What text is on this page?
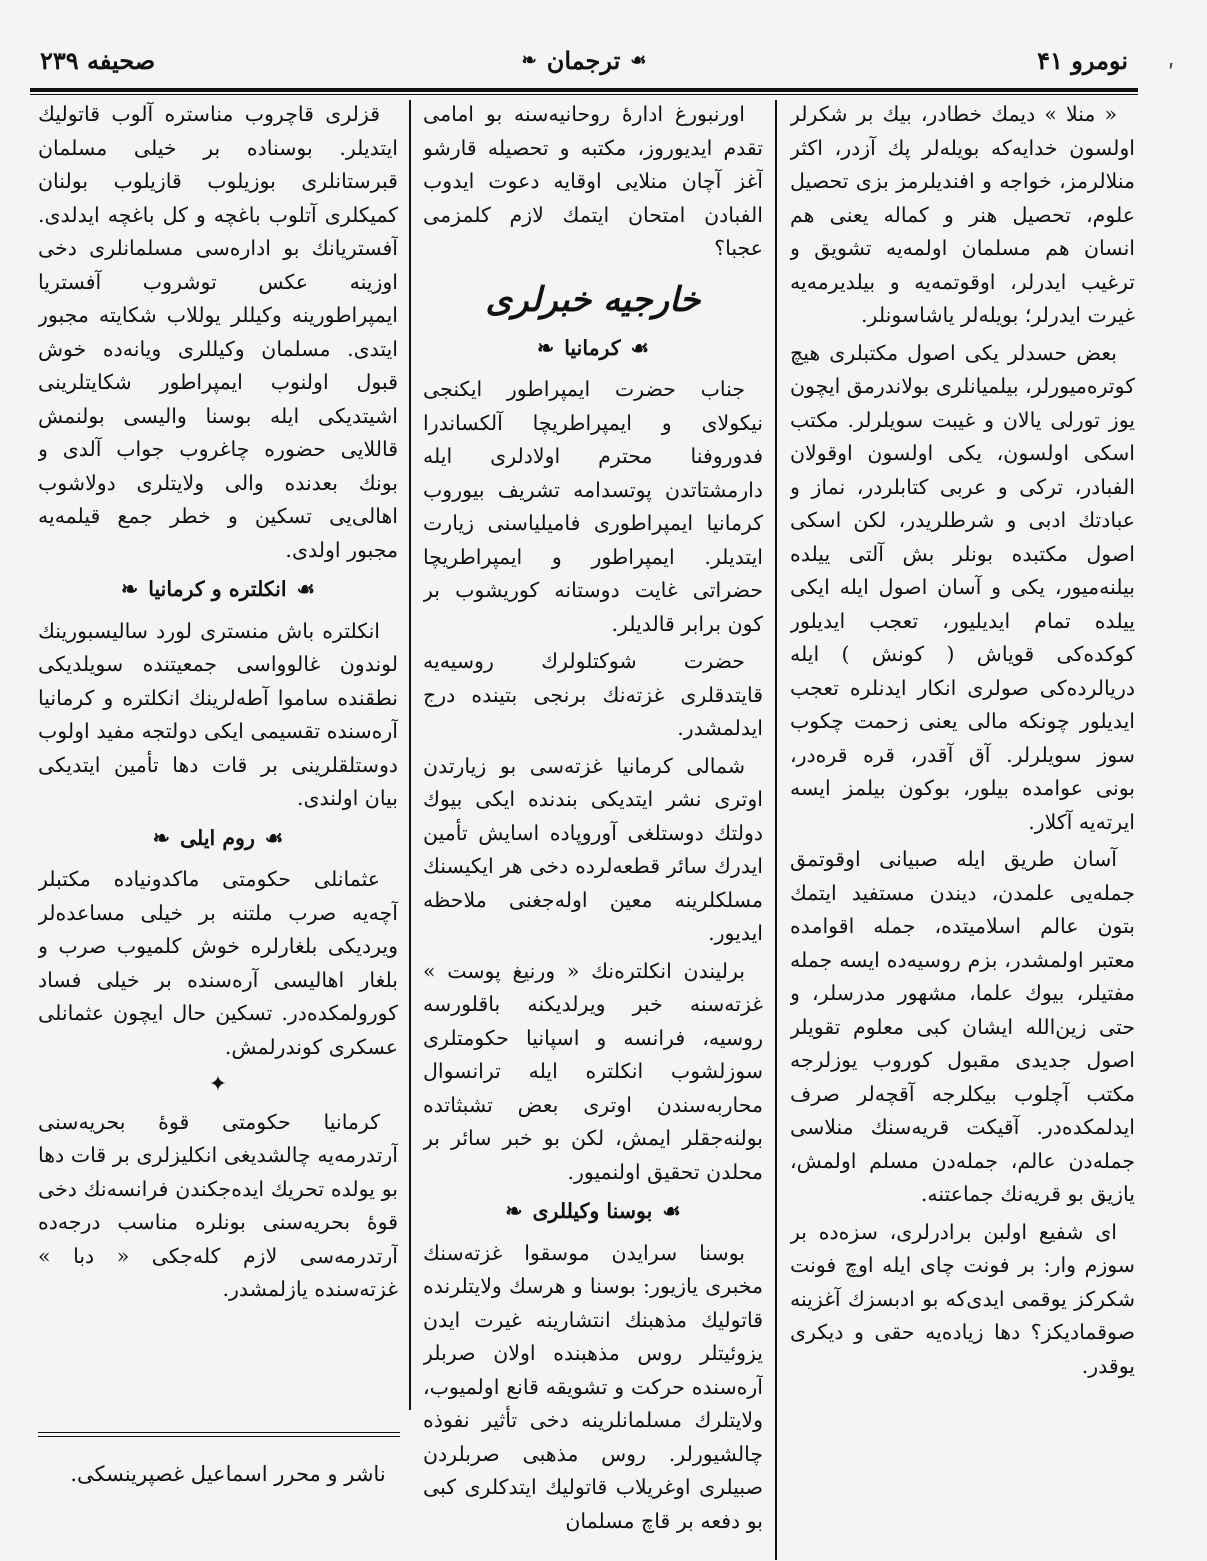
صحیفه ۲۳۹	❧ ترجمان ☙	نومرو ۴۱

« منلا » دیمك خطادر، بیك بر شكرلر اولسون خدایه‌كه بویله‌لر پك آزدر، اكثر منلالرمز، خواجه و افندیلرمز بزی تحصیل علوم، تحصیل هنر و كماله یعنی هم انسان هم مسلمان اولمه‌یه تشویق و ترغیب ایدرلر، اوقوتمه‌یه و بیلدیرمه‌یه غیرت ایدرلر؛ بویله‌لر یاشاسونلر.

بعض حسدلر یكی اصول مكتبلری هیچ كوتره‌میورلر، بیلمیانلری بولاندرمق ایچون یوز تورلی یالان و غیبت سویلرلر. مكتب اسكی اولسون، یكی اولسون اوقولان الفبادر، تركی و عربی كتابلردر، نماز و عبادتك ادبی و شرطلریدر، لكن اسكی اصول مكتبده بونلر بش آلتی ییلده بیلنه‌میور، یكی و آسان اصول ایله ایكی ییلده تمام ایدیلیور، تعجب ایدیلور كوكده‌كی قویاش ( كونش ) ایله دریالرده‌كی صولری انكار ایدنلره تعجب ایدیلور چونكه مالی یعنی زحمت چكوب سوز سویلرلر. آق آقدر، قره قره‌در، بونی عوامده بیلور، بوكون بیلمز ایسه ایرته‌یه آكلار.

آسان طریق ایله صبیانی اوقوتمق جمله‌یی علمدن، دیندن مستفید ایتمك بتون عالم اسلامیتده، جمله اقوامده معتبر اولمشدر، بزم روسیه‌ده ایسه جمله مفتیلر، بیوك علما، مشهور مدرسلر، و حتی زین‌الله ایشان كبی معلوم تقویلر اصول جدیدی مقبول كوروب یوزلرجه مكتب آچلوب بیكلرجه آقچه‌لر صرف ایدلمكده‌در. آقیكت قریه‌سنك منلاسی جمله‌دن عالم، جمله‌دن مسلم اولمش، یازیق بو قریه‌نك جماعتنه.

ای شفیع اولبن برادرلری، سزه‌ده بر سوزم وار: بر فونت چای ایله اوچ فونت شكركز یوقمی ایدی‌كه بو ادبسزك آغزینه صوقمادیكز؟ دها زیاده‌یه حقی و دیكری یوقدر.

اورنبورغ ادارهٔ روحانیه‌سنه بو امامی تقدم ایدیوروز، مكتبه و تحصیله قارشو آغز آچان منلایی اوقایه دعوت ایدوب الفبادن امتحان ایتمك لازم كلمزمی عجبا؟

خارجیه خبرلری
☙
كرمانیا
❧

جناب حضرت ایمپراطور ایكنجی نیكولای و ایمپراطریچا آلكساندرا فدوروفنا محترم اولادلری ایله دارمشتاتدن پوتسدامه تشریف بیوروب كرمانیا ایمپراطوری فامیلیاسنی زیارت ایتدیلر. ایمپراطور و ایمپراطریچا حضراتی غایت دوستانه كوریشوب بر كون برابر قالدیلر.

حضرت شوكتلولرك روسیه‌یه قایتدقلری غزته‌نك برنجی بتینده درج ایدلمشدر.

شمالی كرمانیا غزته‌سی بو زیارتدن اوتری نشر ایتدیكی بندنده ایكی بیوك دولتك دوستلغی آوروپاده اسایش تأمین ایدرك سائر قطعه‌لرده دخی هر ایكیسنك مسلكلرینه معین اوله‌جغنی ملاحظه ایدیور.

برلیندن انكلتره‌نك « ورنیغ پوست » غزته‌سنه خبر ویرلدیكنه باقلورسه روسیه، فرانسه و اسپانیا حكومتلری سوزلشوب انكلتره ایله ترانسوال محاربه‌سندن اوتری بعض تشبثاتده بولنه‌جقلر ایمش، لكن بو خبر سائر بر محلدن تحقیق اولنمیور.

☙
بوسنا وكیللری
❧

بوسنا سرایدن موسقوا غزته‌سنك مخبری یازیور: بوسنا و هرسك ولایتلرنده قاتولیك مذهبنك انتشارینه غیرت ایدن یزوئیتلر روس مذهبنده اولان صربلر آره‌سنده حركت و تشویقه قانع اولمیوب، ولایتلرك مسلمانلرینه دخی تأثیر نفوذه چالشیورلر. روس مذهبی صربلردن صبیلری اوغریلاب قاتولیك ایتدكلری كبی بو دفعه بر قاچ مسلمان

قزلری قاچروب مناستره آلوب قاتولیك ایتدیلر. بوسناده بر خیلی مسلمان قبرستانلری بوزیلوب قازیلوب بولنان كمیكلری آتلوب باغچه و كل باغچه ایدلدی. آفستریانك بو اداره‌سی مسلمانلری دخی اوزینه عكس توشروب آفستریا ایمپراطورینه وكیللر یوللاب شكایته مجبور ایتدی. مسلمان وكیللری ویانه‌ده خوش قبول اولنوب ایمپراطور شكایتلرینی اشیتدیكی ایله بوسنا والیسی بولنمش قاللایی حضوره چاغروب جواب آلدی و بونك بعدنده والی ولایتلری دولاشوب اهالی‌یی تسكین و خطر جمع قیلمه‌یه مجبور اولدی.

☙
انكلتره و كرمانیا
❧

انكلتره باش منستری لورد سالیسبورینك لوندون غالوواسی جمعیتنده سویلدیكی نطقنده ساموا آطه‌لرینك انكلتره و كرمانیا آره‌سنده تقسیمی ایكی دولتجه مفید اولوب دوستلقلرینی بر قات دها تأمین ایتدیكی بیان اولندی.

☙
روم ایلی
❧

عثمانلی حكومتی ماكدونیاده مكتبلر آچه‌یه صرب ملتنه بر خیلی مساعده‌لر ویردیكی بلغارلره خوش كلمیوب صرب و بلغار اهالیسی آره‌سنده بر خیلی فساد كورولمكده‌در. تسكین حال ایچون عثمانلی عسكری كوندرلمش.

✦

كرمانیا حكومتی قوهٔ بحریه‌سنی آرتدرمه‌یه چالشدیغی انكلیزلری بر قات دها بو یولده تحریك ایده‌جكندن فرانسه‌نك دخی قوهٔ بحریه‌سنی بونلره مناسب درجه‌ده آرتدرمه‌سی لازم كله‌جكی « دبا » غزته‌سنده یازلمشدر.

ناشر و محرر اسماعیل غصپرینسکی.
ʹ
